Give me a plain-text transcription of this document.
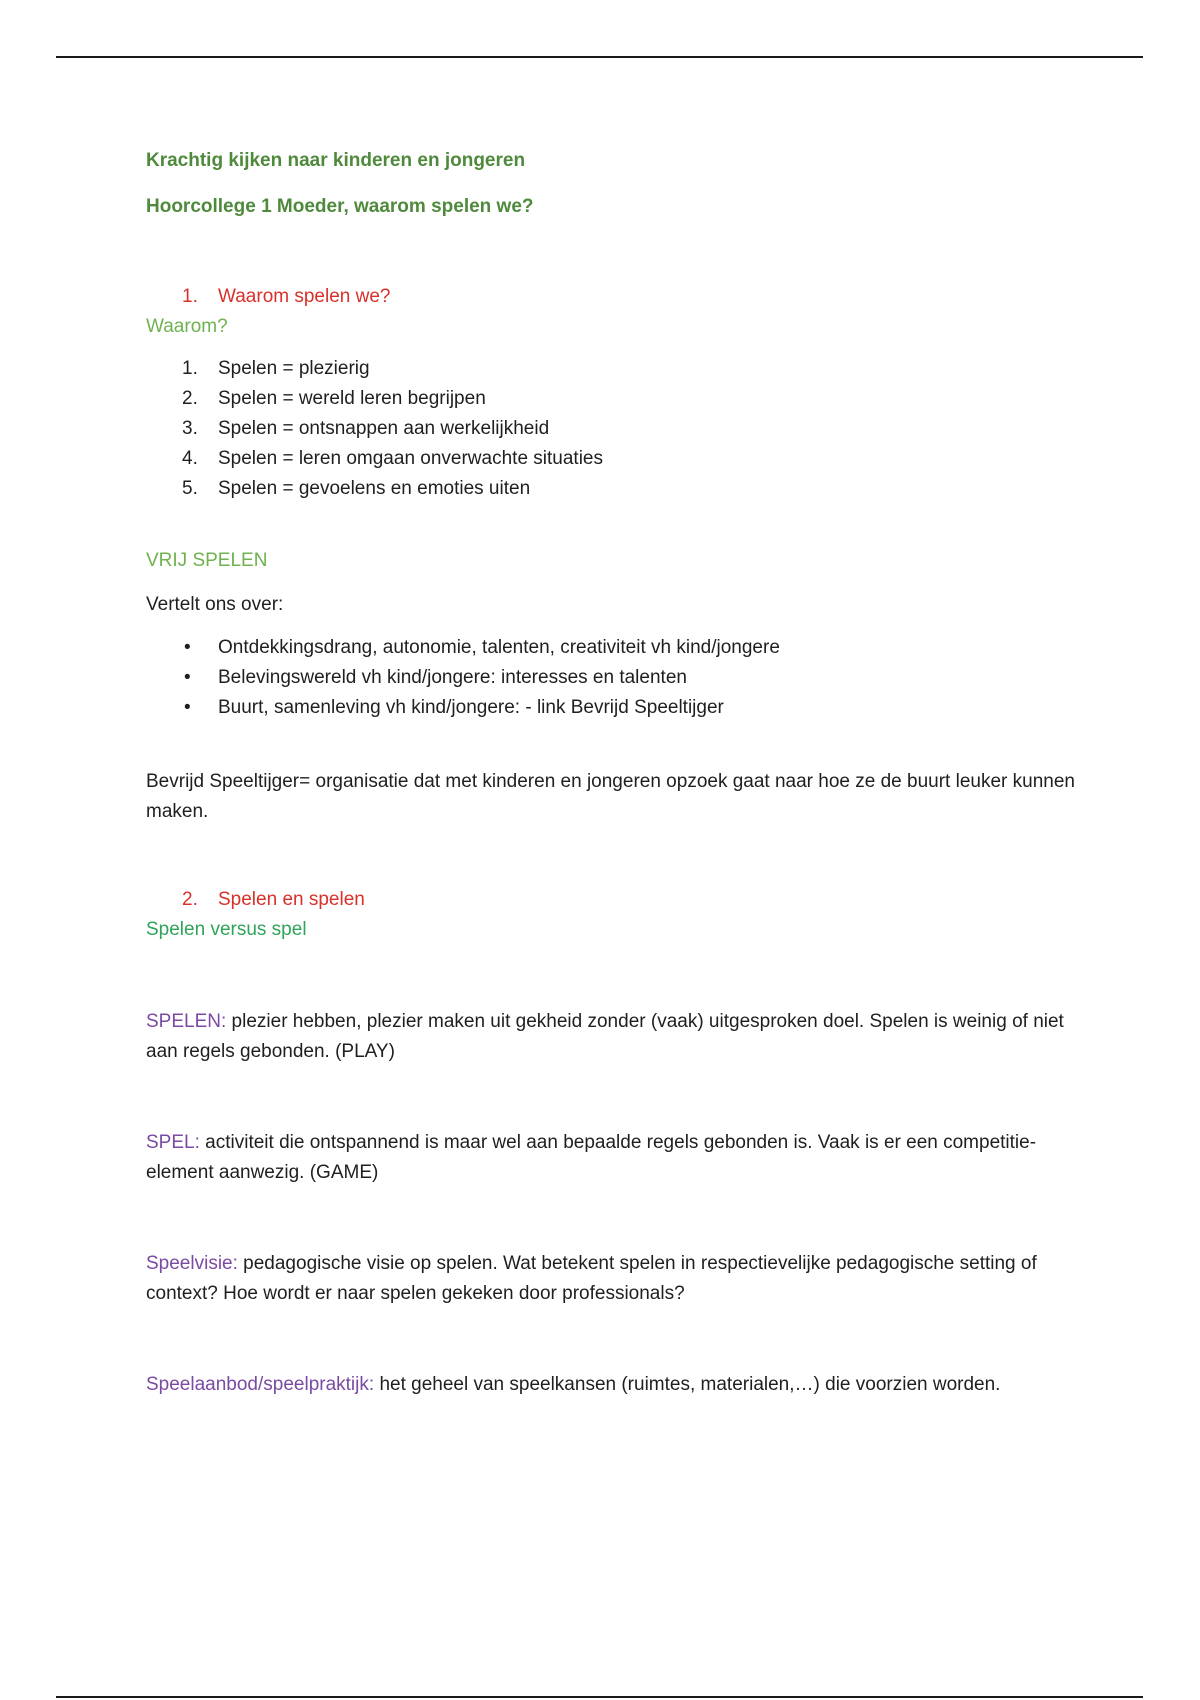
Krachtig kijken naar kinderen en jongeren

Hoorcollege 1 Moeder, waarom spelen we?

1. Waarom spelen we?

Waarom?

1. Spelen = plezierig
2. Spelen = wereld leren begrijpen
3. Spelen = ontsnappen aan werkelijkheid
4. Spelen = leren omgaan onverwachte situaties
5. Spelen = gevoelens en emoties uiten

VRIJ SPELEN

Vertelt ons over:

• Ontdekkingsdrang, autonomie, talenten, creativiteit vh kind/jongere
• Belevingswereld vh kind/jongere: interesses en talenten
• Buurt, samenleving vh kind/jongere: - link Bevrijd Speeltijger

Bevrijd Speeltijger= organisatie dat met kinderen en jongeren opzoek gaat naar hoe ze de buurt leuker kunnen maken.

2. Spelen en spelen

Spelen versus spel

SPELEN: plezier hebben, plezier maken uit gekheid zonder (vaak) uitgesproken doel. Spelen is weinig of niet aan regels gebonden. (PLAY)

SPEL: activiteit die ontspannend is maar wel aan bepaalde regels gebonden is. Vaak is er een competitie-element aanwezig. (GAME)

Speelvisie: pedagogische visie op spelen. Wat betekent spelen in respectievelijke pedagogische setting of context? Hoe wordt er naar spelen gekeken door professionals?

Speelaanbod/speelpraktijk: het geheel van speelkansen (ruimtes, materialen,…) die voorzien worden.
